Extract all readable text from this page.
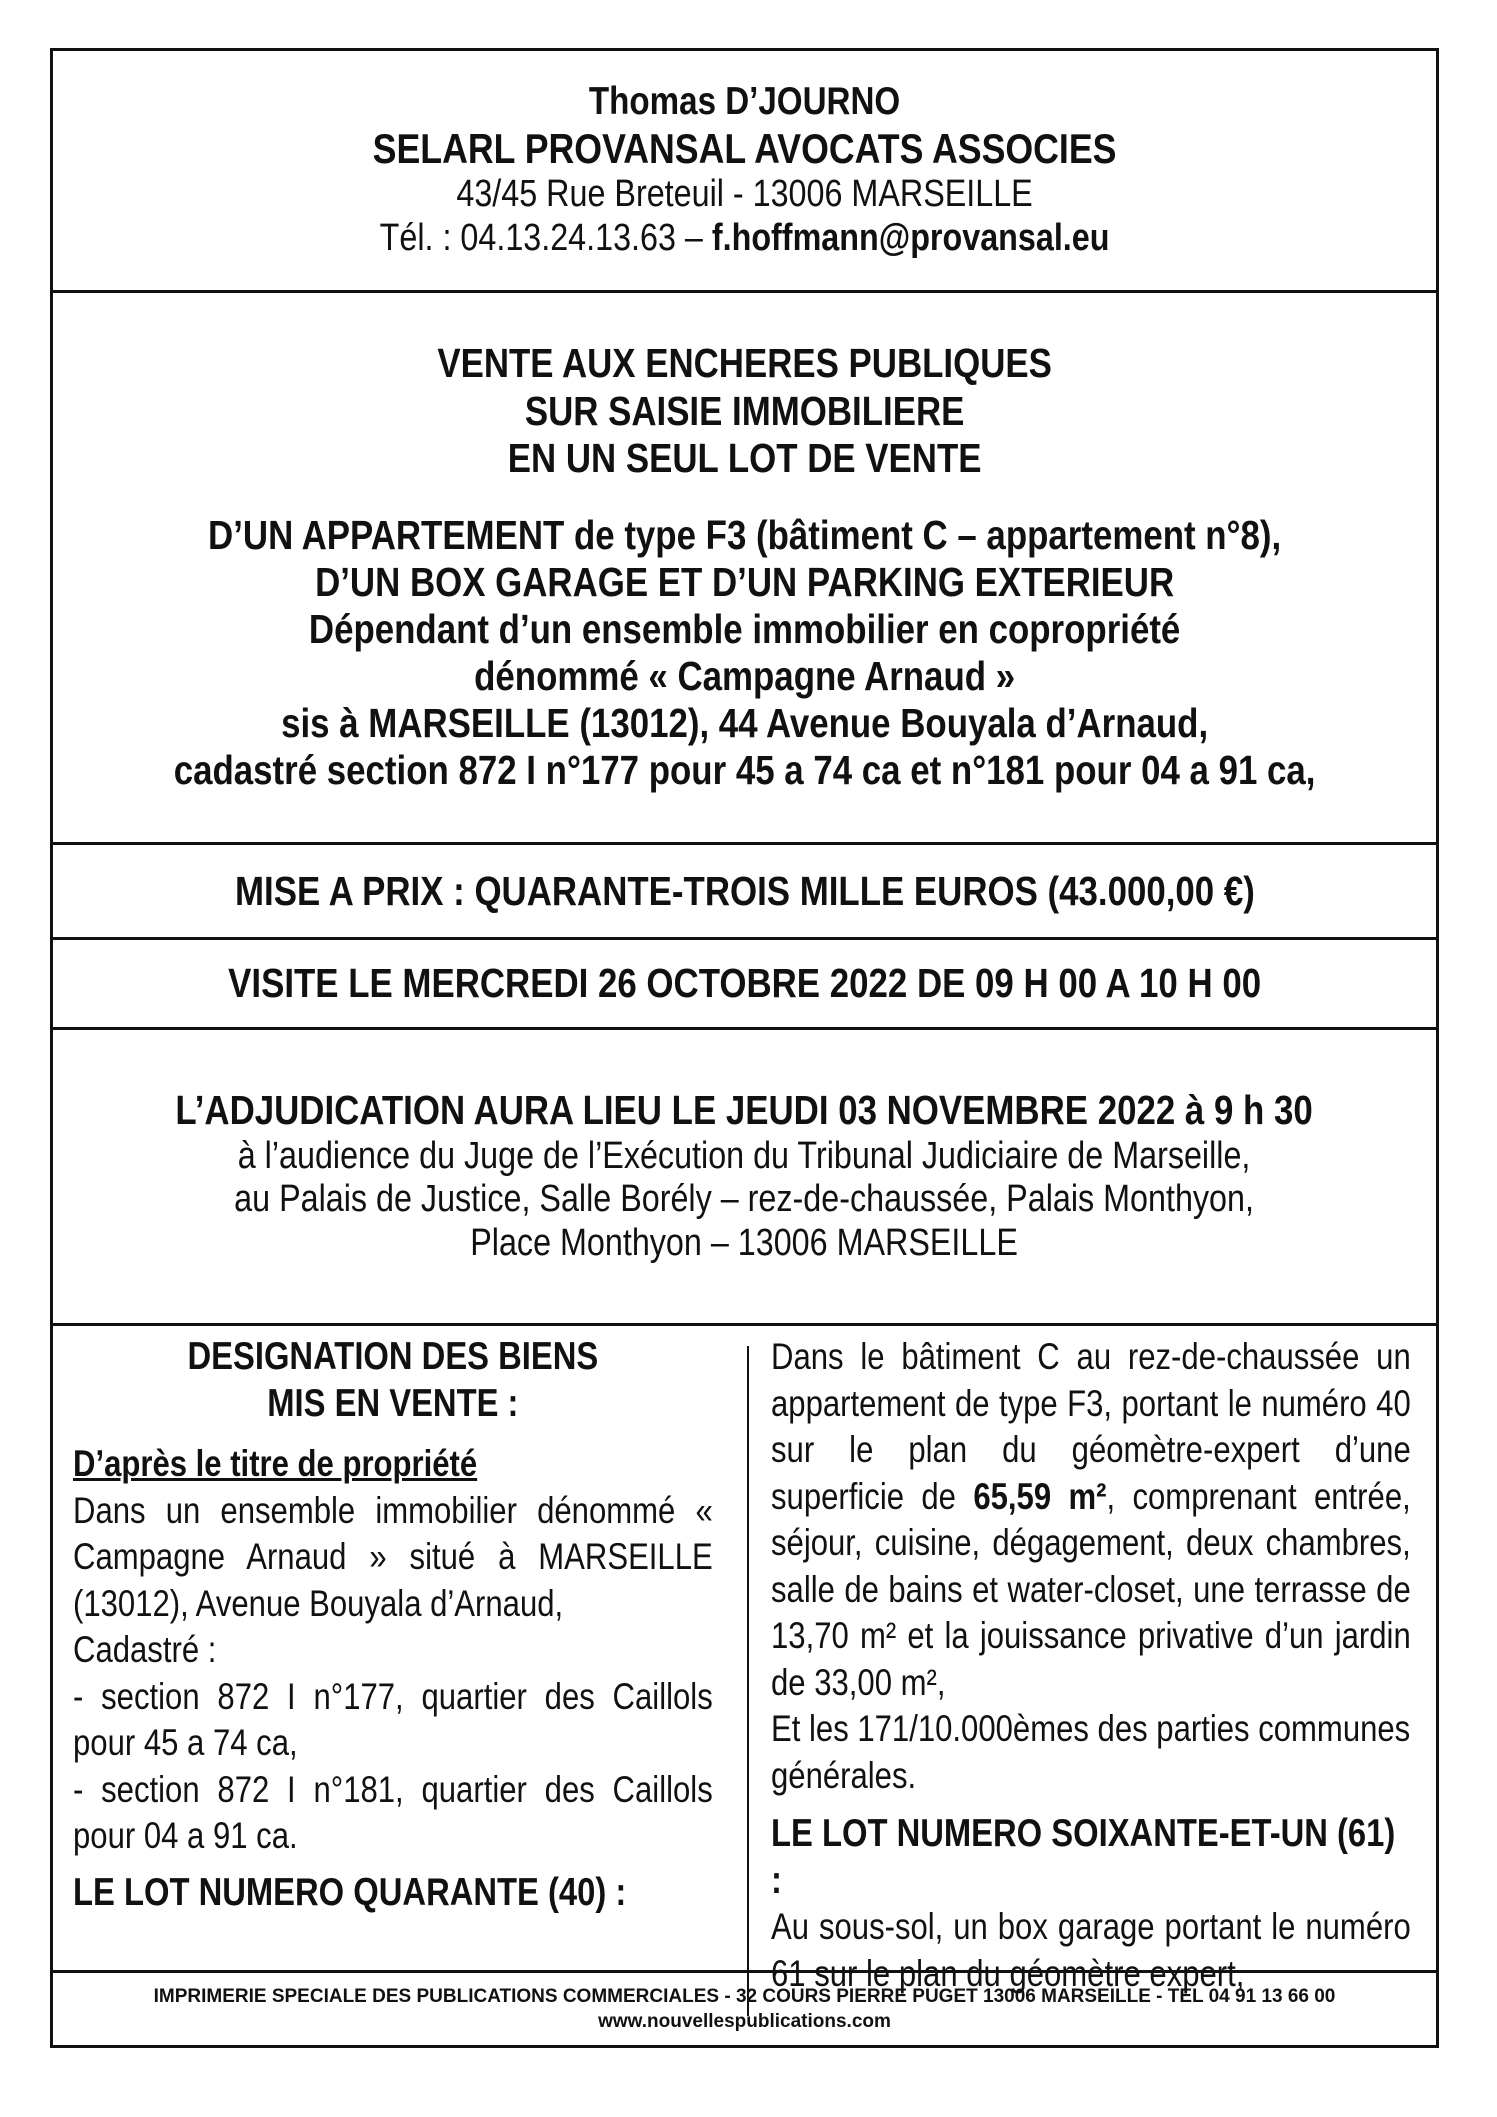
Thomas D’JOURNO
SELARL PROVANSAL AVOCATS ASSOCIES
43/45 Rue Breteuil - 13006 MARSEILLE
Tél. : 04.13.24.13.63 – f.hoffmann@provansal.eu
VENTE AUX ENCHERES PUBLIQUES
SUR SAISIE IMMOBILIERE
EN UN SEUL LOT DE VENTE
D’UN APPARTEMENT de type F3 (bâtiment C – appartement n°8),
D’UN BOX GARAGE ET D’UN PARKING EXTERIEUR
Dépendant d’un ensemble immobilier en copropriété
dénommé « Campagne Arnaud »
sis à MARSEILLE (13012), 44 Avenue Bouyala d’Arnaud,
cadastré section 872 I n°177 pour 45 a 74 ca et n°181 pour 04 a 91 ca,
MISE A PRIX : QUARANTE-TROIS MILLE EUROS (43.000,00 €)
VISITE LE MERCREDI 26 OCTOBRE 2022 DE 09 H 00 A 10 H 00
L’ADJUDICATION AURA LIEU LE JEUDI 03 NOVEMBRE 2022 à 9 h 30
à l’audience du Juge de l’Exécution du Tribunal Judiciaire de Marseille,
au Palais de Justice, Salle Borély – rez-de-chaussée, Palais Monthyon,
Place Monthyon – 13006 MARSEILLE

DESIGNATION DES BIENS

MIS EN VENTE :

D’après le titre de propriété

Dans un ensemble immobilier dénommé « Campagne Arnaud » situé à MARSEILLE (13012), Avenue Bouyala d’Arnaud,

Cadastré :

- section 872 I n°177, quartier des Caillols pour 45 a 74 ca,

- section 872 I n°181, quartier des Caillols pour 04 a 91 ca.

LE LOT NUMERO QUARANTE (40) :

Dans le bâtiment C au rez-de-chaussée un appartement de type F3, portant le numéro 40 sur le plan du géomètre-expert d’une superficie de 65,59 m², comprenant entrée, séjour, cuisine, dégagement, deux chambres, salle de bains et water-closet, une terrasse de 13,70 m² et la jouissance privative d’un jardin de 33,00 m²,

Et les 171/10.000èmes des parties communes générales.

LE LOT NUMERO SOIXANTE-ET-UN (61) :

Au sous-sol, un box garage portant le numéro 61 sur le plan du géomètre expert,

IMPRIMERIE SPECIALE DES PUBLICATIONS COMMERCIALES - 32 COURS PIERRE PUGET 13006 MARSEILLE - TEL 04 91 13 66 00
www.nouvellespublications.com
